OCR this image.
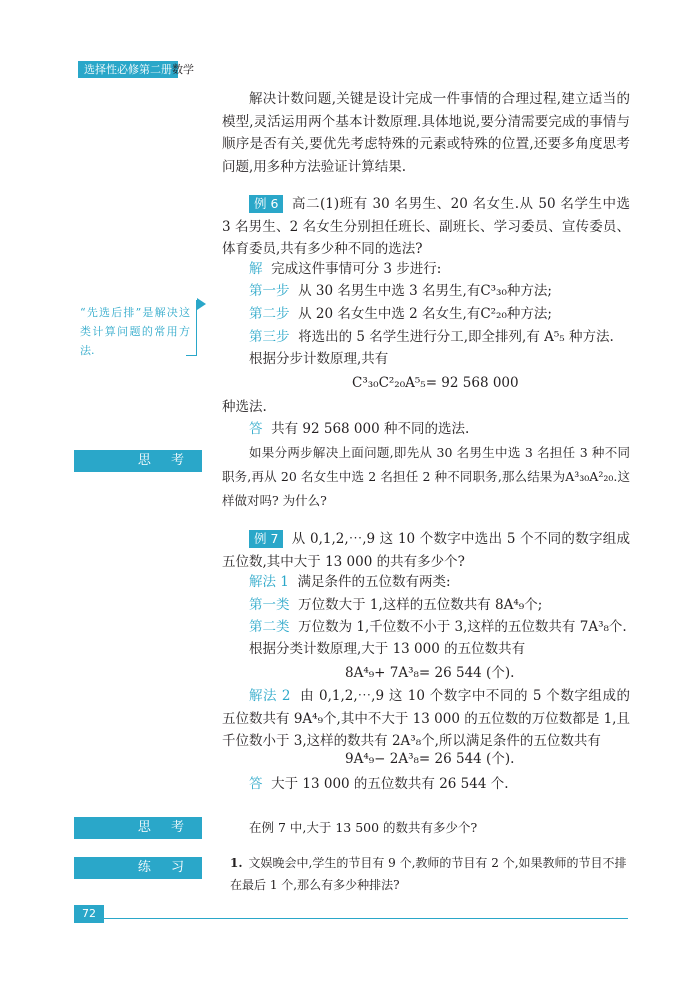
选择性必修第二册 数学
解决计数问题,关键是设计完成一件事情的合理过程,建立适当的模型,灵活运用两个基本计数原理.具体地说,要分清需要完成的事情与顺序是否有关,要优先考虑特殊的元素或特殊的位置,还要多角度思考问题,用多种方法验证计算结果.
例 6 高二(1)班有 30 名男生、20 名女生.从 50 名学生中选 3 名男生、2 名女生分别担任班长、副班长、学习委员、宣传委员、体育委员,共有多少种不同的选法?
解 完成这件事情可分 3 步进行:
第一步 从 30 名男生中选 3 名男生,有C³₃₀种方法;
第二步 从 20 名女生中选 2 名女生,有C²₂₀种方法;
第三步 将选出的 5 名学生进行分工,即全排列,有 A⁵₅ 种方法.
根据分步计数原理,共有
C³₃₀C²₂₀A⁵₅= 92 568 000
种选法.
答 共有 92 568 000 种不同的选法.
“先选后排”是解决这类计算问题的常用方法.
思 考
如果分两步解决上面问题,即先从 30 名男生中选 3 名担任 3 种不同职务,再从 20 名女生中选 2 名担任 2 种不同职务,那么结果为A³₃₀A²₂₀.这样做对吗? 为什么?
例 7 从 0,1,2,⋯,9 这 10 个数字中选出 5 个不同的数字组成五位数,其中大于 13 000 的共有多少个?
解法 1 满足条件的五位数有两类:
第一类 万位数大于 1,这样的五位数共有 8A⁴₉个;
第二类 万位数为 1,千位数不小于 3,这样的五位数共有 7A³₈个.
根据分类计数原理,大于 13 000 的五位数共有
8A⁴₉+ 7A³₈= 26 544 (个).
解法 2 由 0,1,2,⋯,9 这 10 个数字中不同的 5 个数字组成的五位数共有 9A⁴₉个,其中不大于 13 000 的五位数的万位数都是 1,且千位数小于 3,这样的数共有 2A³₈个,所以满足条件的五位数共有
9A⁴₉− 2A³₈= 26 544 (个).
答 大于 13 000 的五位数共有 26 544 个.
思 考	在例 7 中,大于 13 500 的数共有多少个?
练 习	1. 文娱晚会中,学生的节目有 9 个,教师的节目有 2 个,如果教师的节目不排在最后 1 个,那么有多少种排法?
72
